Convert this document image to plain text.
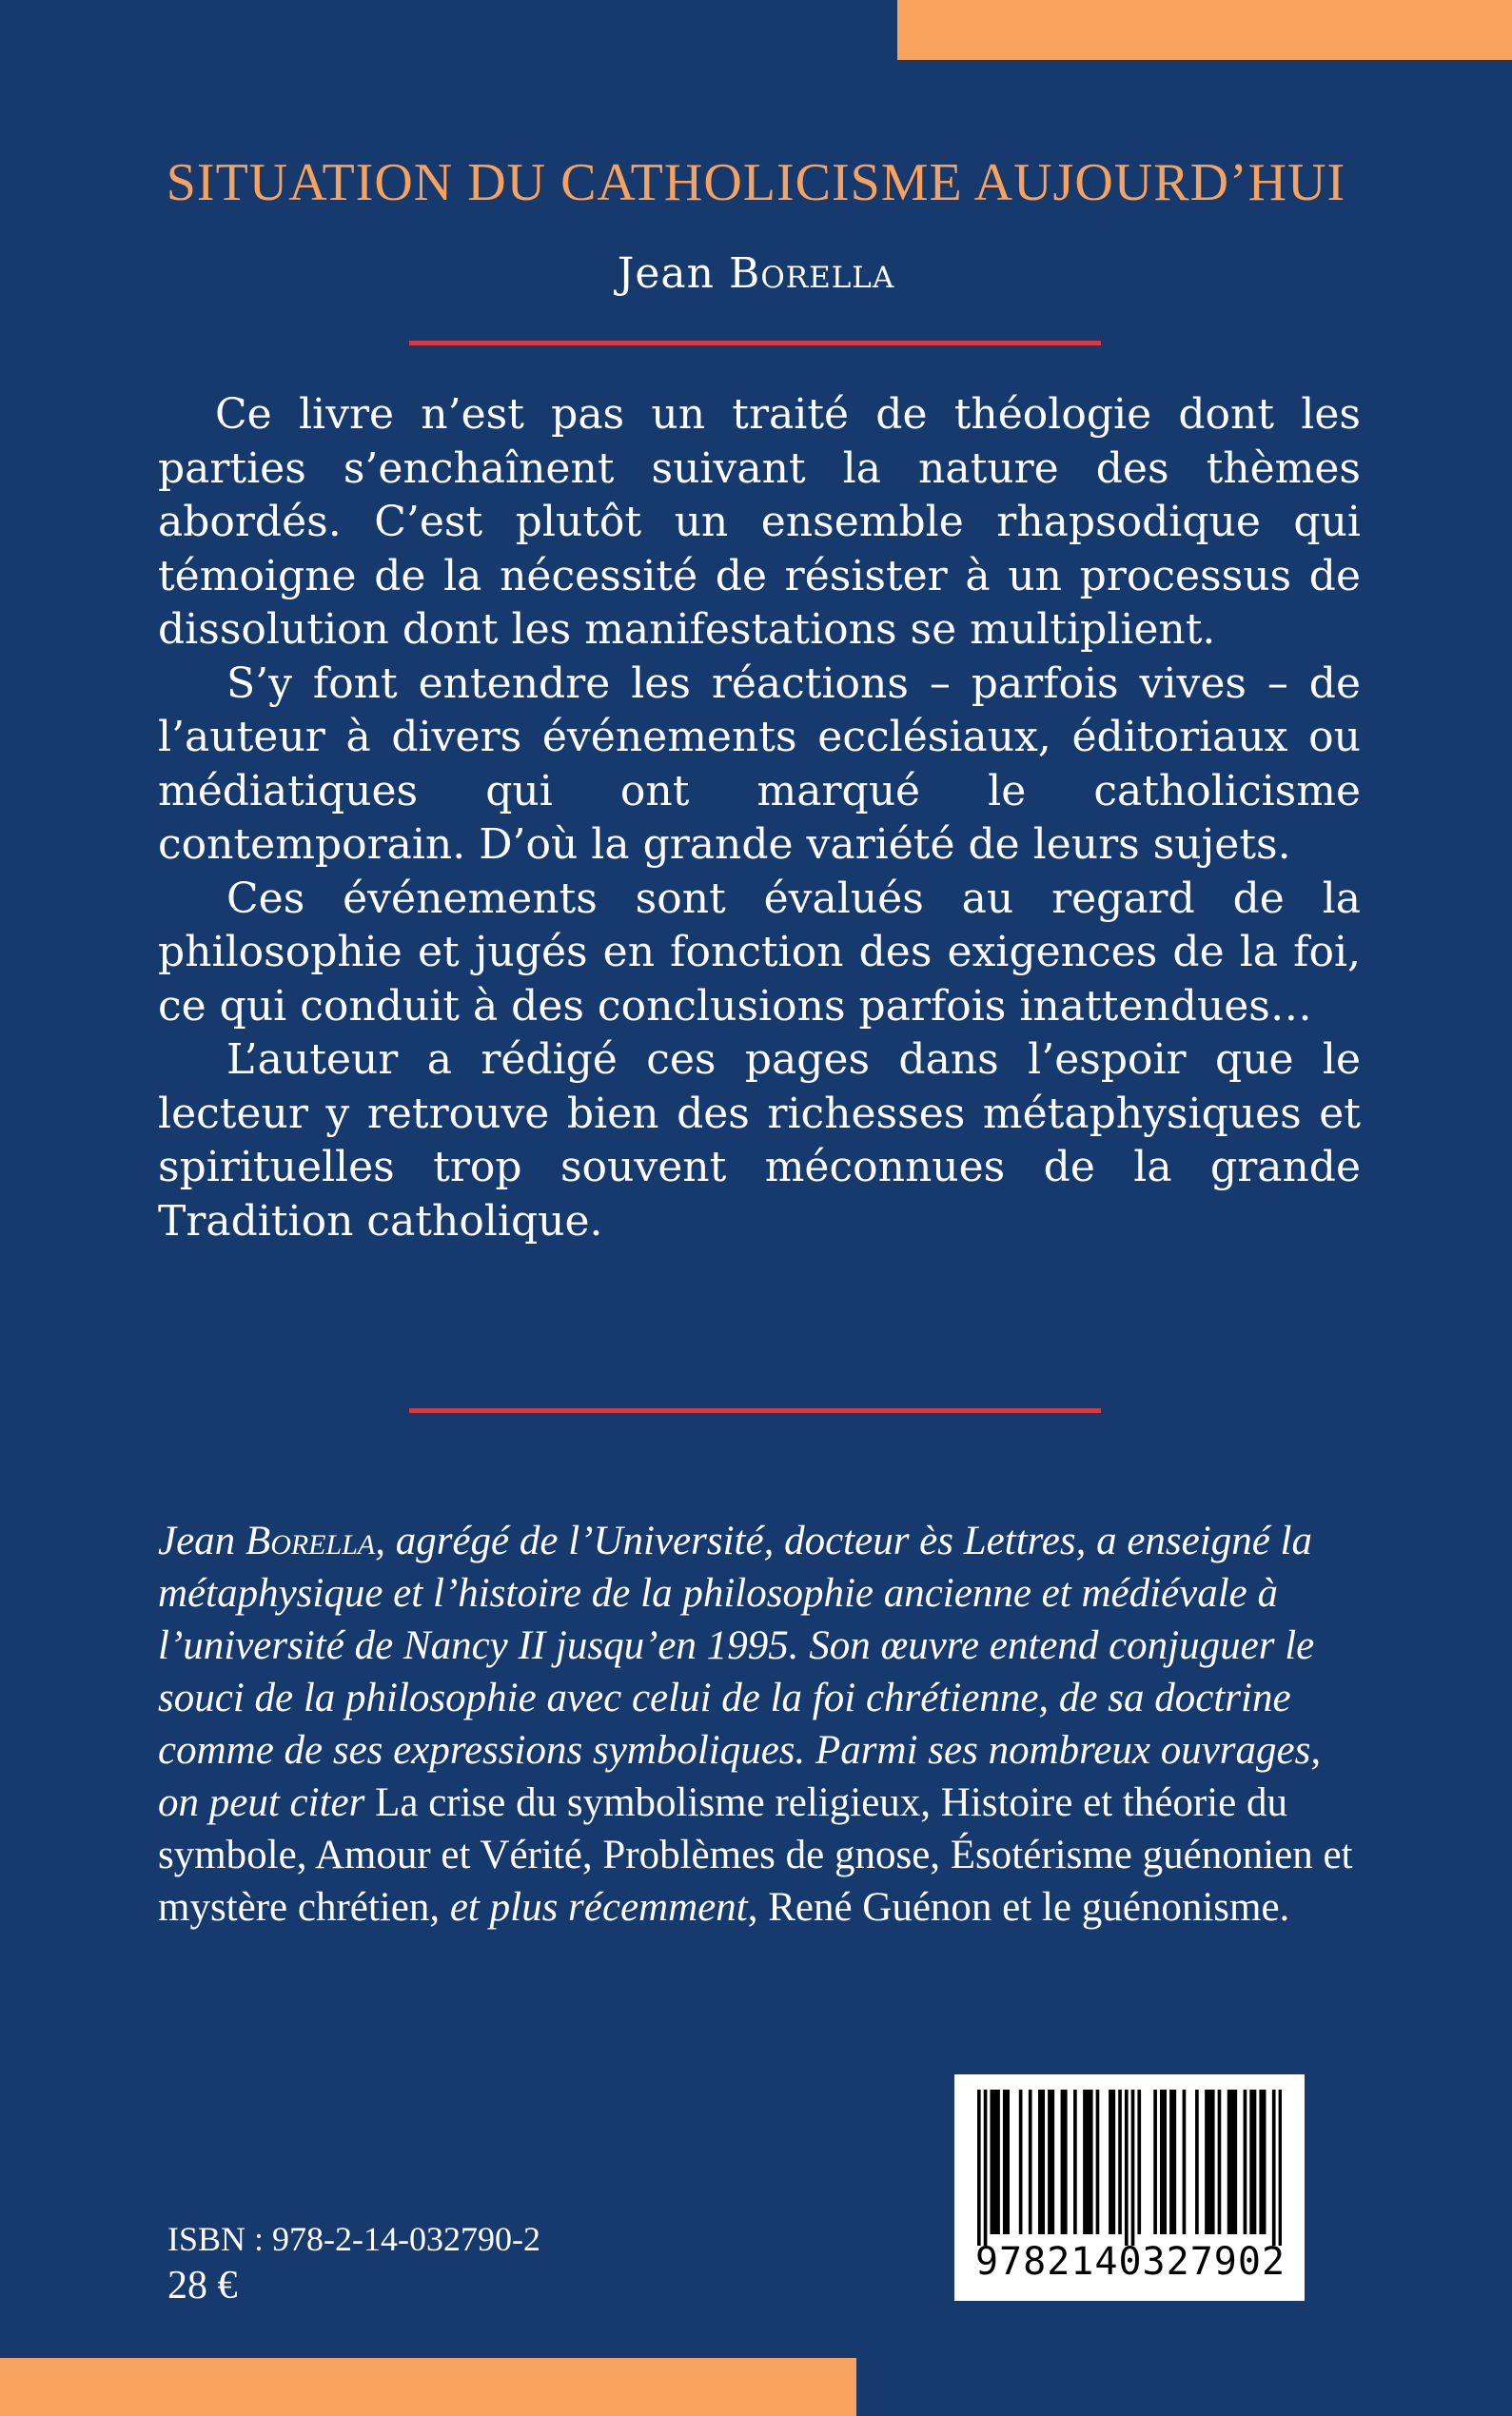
SITUATION DU CATHOLICISME AUJOURD’HUI
Jean Borella

Ce livre n’est pas un traité de théologie dont les parties s’enchaînent suivant la nature des thèmes abordés. C’est plutôt un ensemble rhapsodique qui témoigne de la nécessité de résister à un processus de dissolution dont les manifestations se multiplient.

S’y font entendre les réactions – parfois vives – de l’auteur à divers événements ecclésiaux, éditoriaux ou médiatiques qui ont marqué le catholicisme contemporain. D’où la grande variété de leurs sujets.

Ces événements sont évalués au regard de la philosophie et jugés en fonction des exigences de la foi, ce qui conduit à des conclusions parfois inattendues…

L’auteur a rédigé ces pages dans l’espoir que le lecteur y retrouve bien des richesses métaphysiques et spirituelles trop souvent méconnues de la grande Tradition catholique.

Jean Borella, agrégé de l’Université, docteur ès Lettres, a enseigné la métaphysique et l’histoire de la philosophie ancienne et médiévale à l’université de Nancy II jusqu’en 1995. Son œuvre entend conjuguer le souci de la philosophie avec celui de la foi chrétienne, de sa doctrine comme de ses expressions symboliques. Parmi ses nombreux ouvrages, on peut citer La crise du symbolisme religieux, Histoire et théorie du symbole, Amour et Vérité, Problèmes de gnose, Ésotérisme guénonien et mystère chrétien, et plus récemment, René Guénon et le guénonisme.
9782140327902
ISBN : 978-2-14-032790-2
28 €
